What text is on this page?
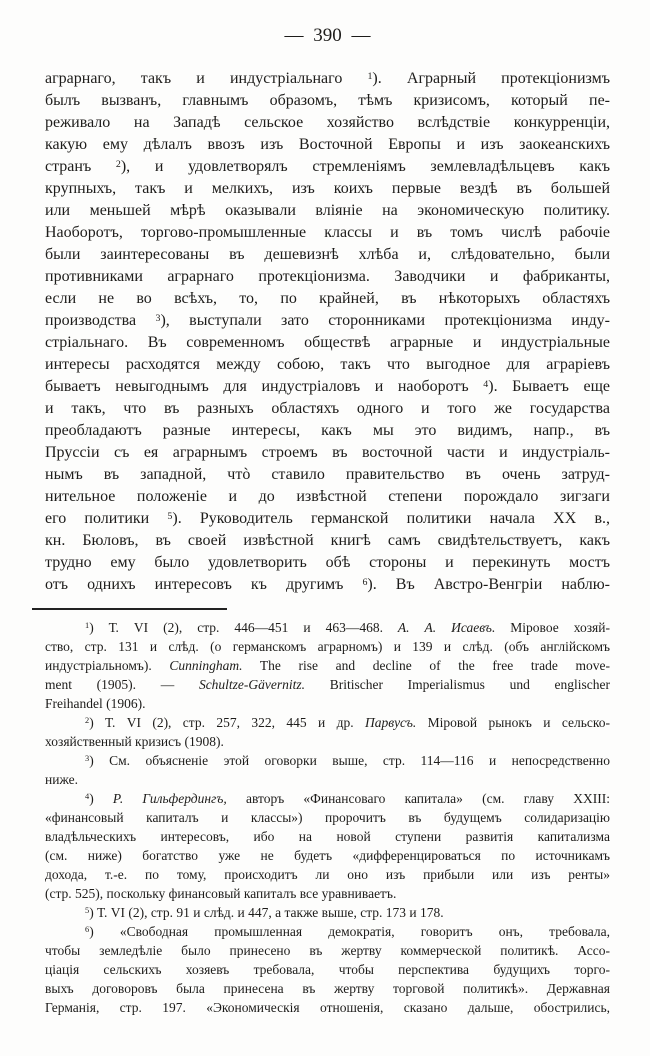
— 390 —
аграрнаго, такъ и индустріальнаго $^1$). Аграрный протекціонизмъ
былъ вызванъ, главнымъ образомъ, тѣмъ кризисомъ, который пе-
реживало на Западѣ сельское хозяйство вслѣдствіе конкурренціи,
какую ему дѣлалъ ввозъ изъ Восточной Европы и изъ заокеанскихъ
странъ $^2$), и удовлетворялъ стремленіямъ землевладѣльцевъ какъ
крупныхъ, такъ и мелкихъ, изъ коихъ первые вездѣ въ большей
или меньшей мѣрѣ оказывали вліяніе на экономическую политику.
Наоборотъ, торгово-промышленные классы и въ томъ числѣ рабочіе
были заинтересованы въ дешевизнѣ хлѣба и, слѣдовательно, были
противниками аграрнаго протекціонизма. Заводчики и фабриканты,
если не во всѣхъ, то, по крайней, въ нѣкоторыхъ областяхъ
производства $^3$), выступали зато сторонниками протекціонизма инду-
стріальнаго. Въ современномъ обществѣ аграрные и индустріальные
интересы расходятся между собою, такъ что выгодное для аграріевъ
бываетъ невыгоднымъ для индустріаловъ и наоборотъ $^4$). Бываетъ еще
и такъ, что въ разныхъ областяхъ одного и того же государства
преобладаютъ разные интересы, какъ мы это видимъ, напр., въ
Пруссіи съ ея аграрнымъ строемъ въ восточной части и индустріаль-
нымъ въ западной, чтò ставило правительство въ очень затруд-
нительное положеніе и до извѣстной степени порождало зигзаги
его политики $^5$). Руководитель германской политики начала XX в.,
кн. Бюловъ, въ своей извѣстной книгѣ самъ свидѣтельствуетъ, какъ
трудно ему было удовлетворить обѣ стороны и перекинуть мостъ
отъ однихъ интересовъ къ другимъ $^6$). Въ Австро-Венгріи наблю-
$^1$) Т. VI (2), стр. 446—451 и 463—468. А. А. Исаевъ. Міровое хозяй-
ство, стр. 131 и слѣд. (о германскомъ аграрномъ) и 139 и слѣд. (объ англійскомъ
индустріальномъ). Cunningham. The rise and decline of the free trade move-
ment (1905). — Schultze-Gävernitz. Britischer Imperialismus und englischer
Freihandel (1906).
$^2$) Т. VI (2), стр. 257, 322, 445 и др. Парвусъ. Міровой рынокъ и сельско-
хозяйственный кризисъ (1908).
$^3$) См. объясненіе этой оговорки выше, стр. 114—116 и непосредственно
ниже.
$^4$) Р. Гильфердингъ, авторъ «Финансоваго капитала» (см. главу XXIII:
«финансовый капиталъ и классы») пророчитъ въ будущемъ солидаризацію
владѣльческихъ интересовъ, ибо на новой ступени развитія капитализма
(см. ниже) богатство уже не будетъ «дифференцироваться по источникамъ
дохода, т.-е. по тому, происходитъ ли оно изъ прибыли или изъ ренты»
(стр. 525), поскольку финансовый капиталъ все уравниваетъ.
$^5$) Т. VI (2), стр. 91 и слѣд. и 447, а также выше, стр. 173 и 178.
$^6$) «Свободная промышленная демократія, говоритъ онъ, требовала,
чтобы земледѣліе было принесено въ жертву коммерческой политикѣ. Ассо-
ціація сельскихъ хозяевъ требовала, чтобы перспектива будущихъ торго-
выхъ договоровъ была принесена въ жертву торговой политикѣ». Державная
Германія, стр. 197. «Экономическія отношенія, сказано дальше, обострились,
